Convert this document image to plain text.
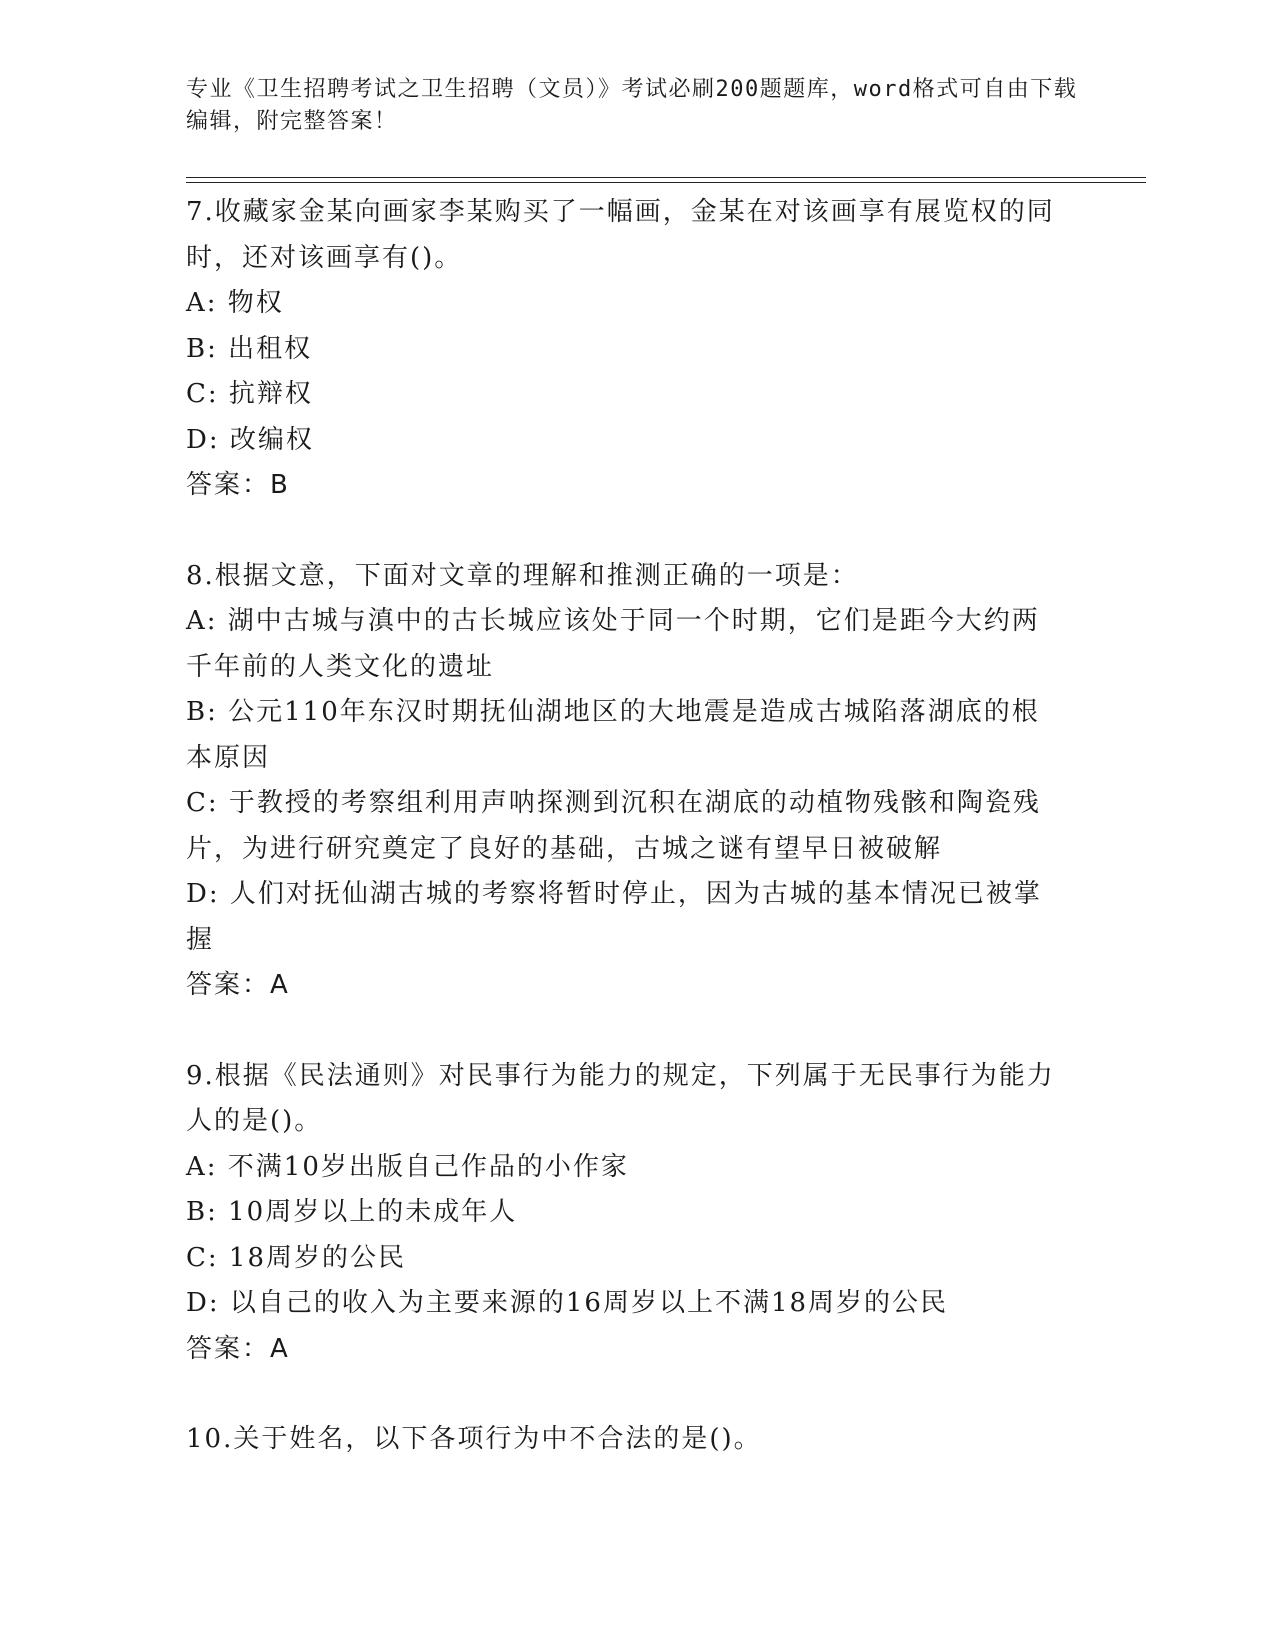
专业《卫生招聘考试之卫生招聘（文员）》考试必刷200题题库，word格式可自由下载编辑，附完整答案！
7.收藏家金某向画家李某购买了一幅画，金某在对该画享有展览权的同时，还对该画享有()。
A: 物权
B: 出租权
C: 抗辩权
D: 改编权
答案：B
8.根据文意，下面对文章的理解和推测正确的一项是：
A: 湖中古城与滇中的古长城应该处于同一个时期，它们是距今大约两千年前的人类文化的遗址
B: 公元110年东汉时期抚仙湖地区的大地震是造成古城陷落湖底的根本原因
C: 于教授的考察组利用声呐探测到沉积在湖底的动植物残骸和陶瓷残片，为进行研究奠定了良好的基础，古城之谜有望早日被破解
D: 人们对抚仙湖古城的考察将暂时停止，因为古城的基本情况已被掌握
答案：A
9.根据《民法通则》对民事行为能力的规定，下列属于无民事行为能力人的是()。
A: 不满10岁出版自己作品的小作家
B: 10周岁以上的未成年人
C: 18周岁的公民
D: 以自己的收入为主要来源的16周岁以上不满18周岁的公民
答案：A
10.关于姓名，以下各项行为中不合法的是()。
